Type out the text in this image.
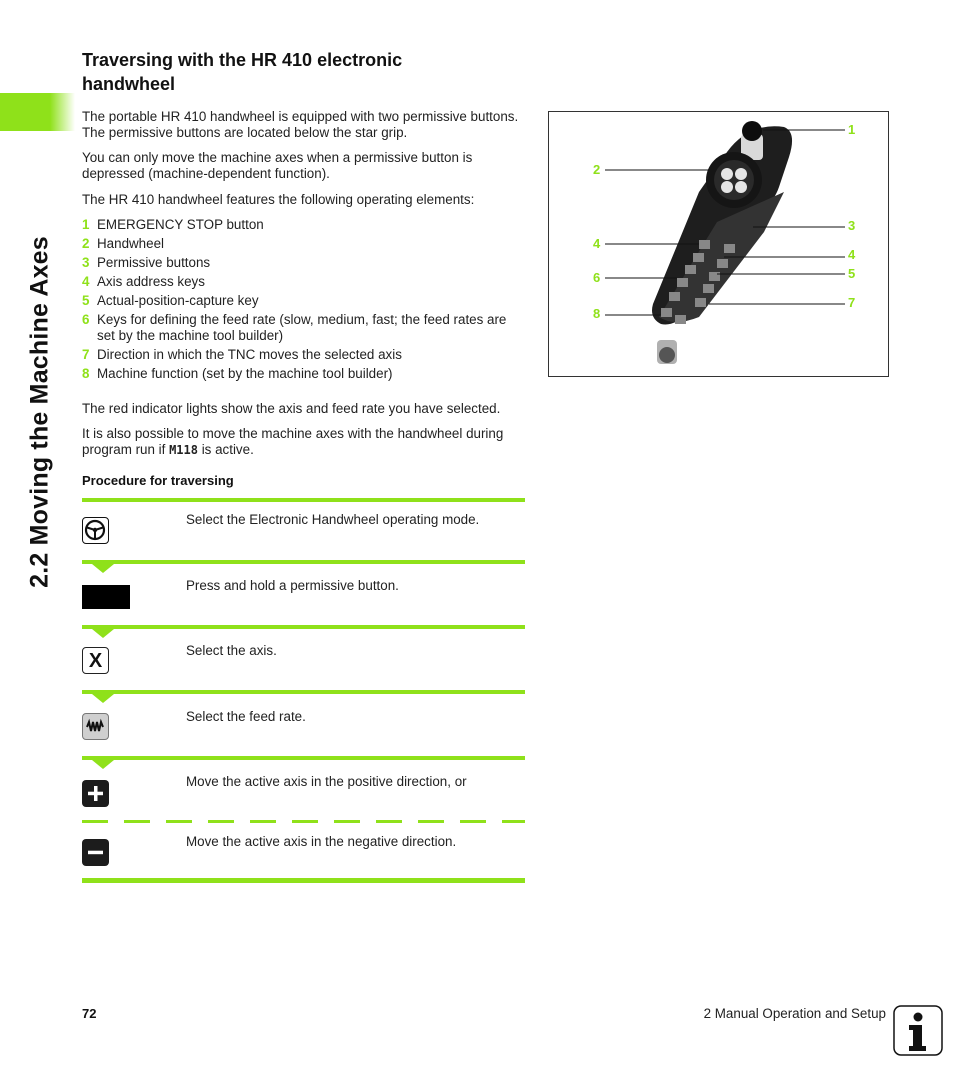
2.2 Moving the Machine Axes
Traversing with the HR 410 electronic handwheel

The portable HR 410 handwheel is equipped with two permissive buttons. The permissive buttons are located below the star grip.

You can only move the machine axes when a permissive button is depressed (machine-dependent function).

The HR 410 handwheel features the following operating elements:

1 EMERGENCY STOP button
2 Handwheel
3 Permissive buttons
4 Axis address keys
5 Actual-position-capture key
6 Keys for defining the feed rate (slow, medium, fast; the feed rates are set by the machine tool builder)
7 Direction in which the TNC moves the selected axis
8 Machine function (set by the machine tool builder)

The red indicator lights show the axis and feed rate you have selected.

It is also possible to move the machine axes with the handwheel during program run if M118 is active.

Procedure for traversing
Select the Electronic Handwheel operating mode.
Press and hold a permissive button.
X	Select the axis.
Select the feed rate.
Move the active axis in the positive direction, or
Move the active axis in the negative direction.
2
4
6
8
1
3
4
5
7
72	2 Manual Operation and Setup
